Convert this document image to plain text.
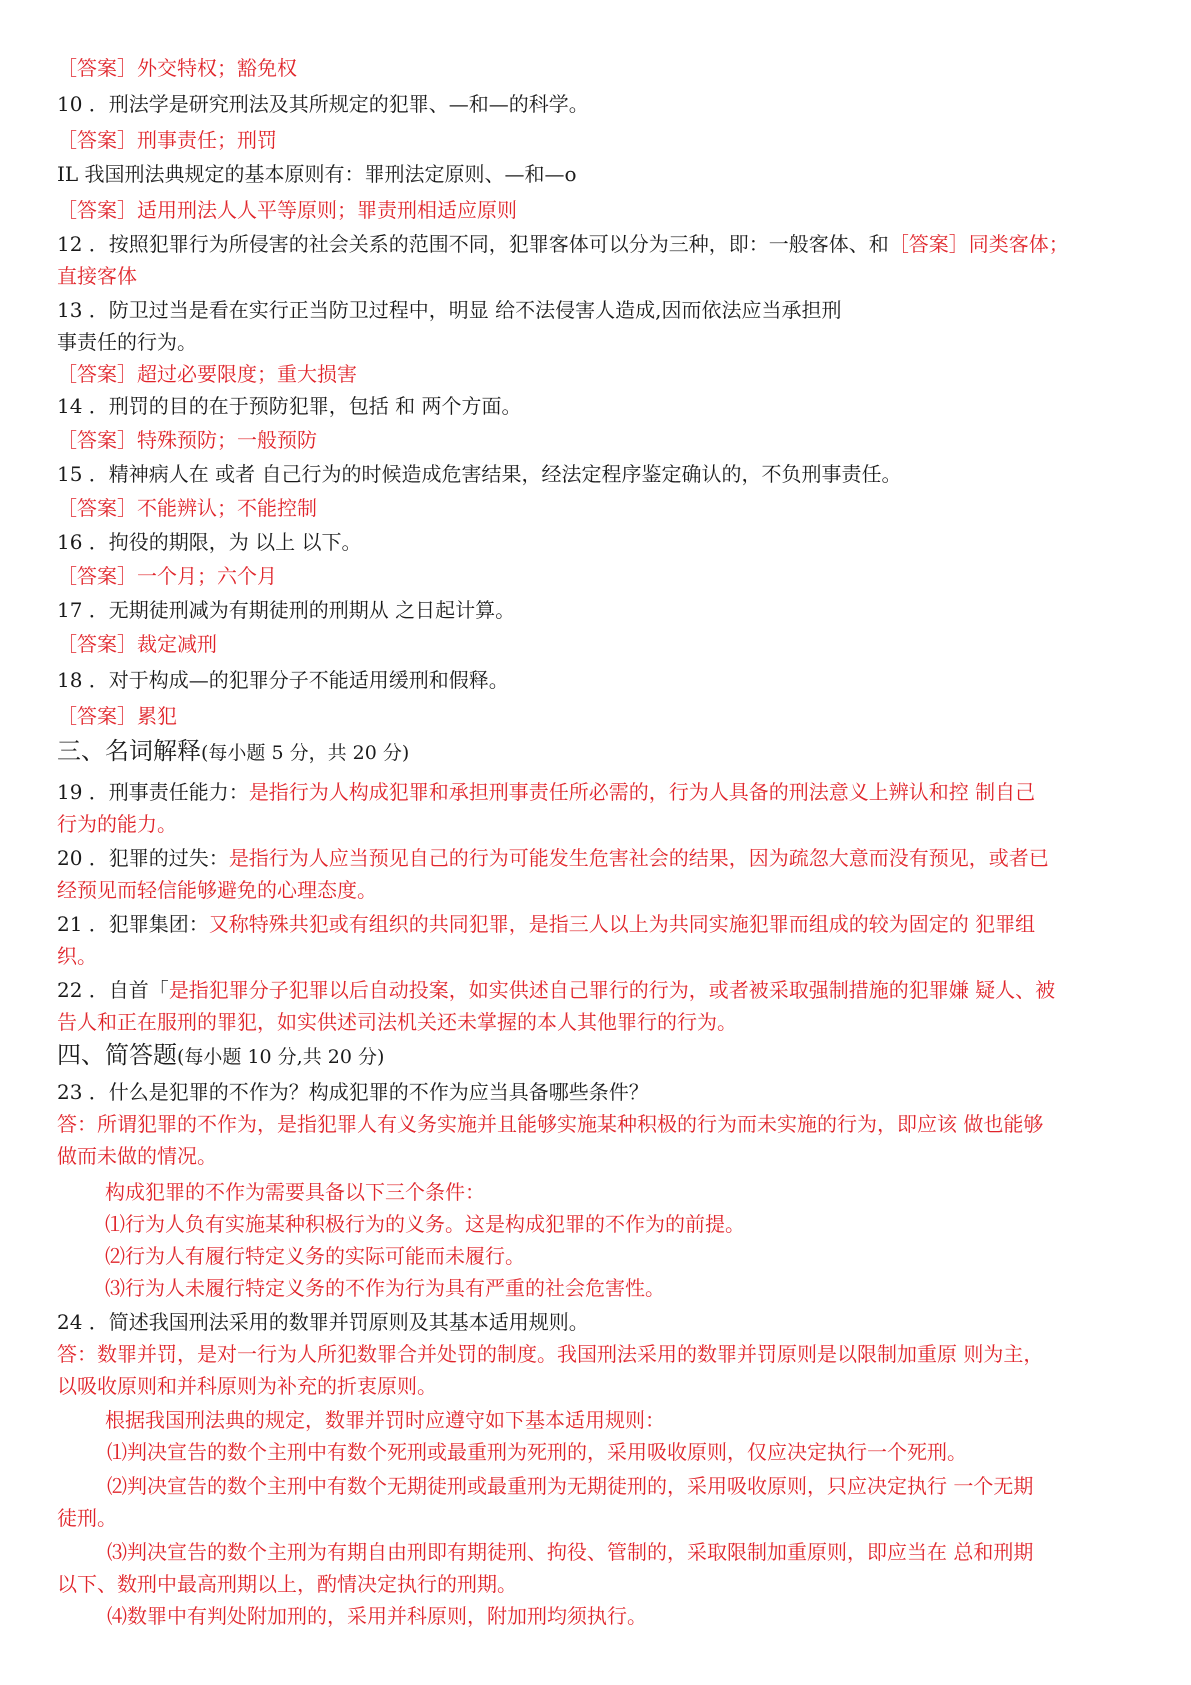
［答案］外交特权；豁免权
10 ．刑法学是研究刑法及其所规定的犯罪、—和—的科学。
［答案］刑事责任；刑罚
IL 我国刑法典规定的基本原则有：罪刑法定原则、—和—o
［答案］适用刑法人人平等原则；罪责刑相适应原则
12 ．按照犯罪行为所侵害的社会关系的范围不同，犯罪客体可以分为三种，即：一般客体、和［答案］同类客体；
直接客体
13 ．防卫过当是看在实行正当防卫过程中，明显 给不法侵害人造成,因而依法应当承担刑
事责任的行为。
［答案］超过必要限度；重大损害
14 ．刑罚的目的在于预防犯罪，包括 和 两个方面。
［答案］特殊预防；一般预防
15 ．精神病人在 或者 自己行为的时候造成危害结果，经法定程序鉴定确认的，不负刑事责任。
［答案］不能辨认；不能控制
16 ．拘役的期限，为 以上 以下。
［答案］一个月；六个月
17 ．无期徒刑减为有期徒刑的刑期从 之日起计算。
［答案］裁定减刑
18 ．对于构成—的犯罪分子不能适用缓刑和假释。
［答案］累犯
三、名词解释(每小题 5 分，共 20 分)
19 ．刑事责任能力：是指行为人构成犯罪和承担刑事责任所必需的，行为人具备的刑法意义上辨认和控 制自己
行为的能力。
20 ．犯罪的过失：是指行为人应当预见自己的行为可能发生危害社会的结果，因为疏忽大意而没有预见，或者已
经预见而轻信能够避免的心理态度。
21 ．犯罪集团：又称特殊共犯或有组织的共同犯罪，是指三人以上为共同实施犯罪而组成的较为固定的 犯罪组
织。
22 ．自首「是指犯罪分子犯罪以后自动投案，如实供述自己罪行的行为，或者被采取强制措施的犯罪嫌 疑人、被
告人和正在服刑的罪犯，如实供述司法机关还未掌握的本人其他罪行的行为。
四、简答题(每小题 10 分,共 20 分)
23 ．什么是犯罪的不作为？构成犯罪的不作为应当具备哪些条件？
答：所谓犯罪的不作为，是指犯罪人有义务实施并且能够实施某种积极的行为而未实施的行为，即应该 做也能够
做而未做的情况。
构成犯罪的不作为需要具备以下三个条件：
⑴行为人负有实施某种积极行为的义务。这是构成犯罪的不作为的前提。
⑵行为人有履行特定义务的实际可能而未履行。
⑶行为人未履行特定义务的不作为行为具有严重的社会危害性。
24 ．简述我国刑法采用的数罪并罚原则及其基本适用规则。
答：数罪并罚，是对一行为人所犯数罪合并处罚的制度。我国刑法采用的数罪并罚原则是以限制加重原 则为主，
以吸收原则和并科原则为补充的折衷原则。
根据我国刑法典的规定，数罪并罚时应遵守如下基本适用规则：
⑴判决宣告的数个主刑中有数个死刑或最重刑为死刑的，采用吸收原则，仅应决定执行一个死刑。
⑵判决宣告的数个主刑中有数个无期徒刑或最重刑为无期徒刑的，采用吸收原则，只应决定执行 一个无期
徒刑。
⑶判决宣告的数个主刑为有期自由刑即有期徒刑、拘役、管制的，采取限制加重原则，即应当在 总和刑期
以下、数刑中最高刑期以上，酌情决定执行的刑期。
⑷数罪中有判处附加刑的，采用并科原则，附加刑均须执行。
